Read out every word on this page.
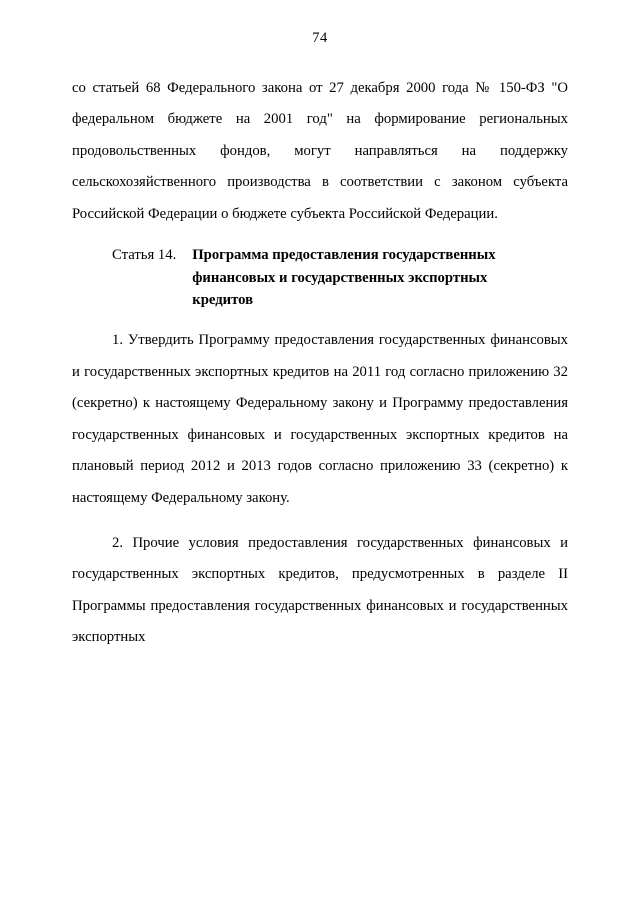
74

со статьей 68 Федерального закона от 27 декабря 2000 года № 150-ФЗ "О федеральном бюджете на 2001 год" на формирование региональных продовольственных фондов, могут направляться на поддержку сельскохозяйственного производства в соответствии с законом субъекта Российской Федерации о бюджете субъекта Российской Федерации.

Статья 14.	Программа предоставления государственных
финансовых и государственных экспортных
кредитов

1. Утвердить Программу предоставления государственных финансовых и государственных экспортных кредитов на 2011 год согласно приложению 32 (секретно) к настоящему Федеральному закону и Программу предоставления государственных финансовых и государственных экспортных кредитов на плановый период 2012 и 2013 годов согласно приложению 33 (секретно) к настоящему Федеральному закону.

2. Прочие условия предоставления государственных финансовых и государственных экспортных кредитов, предусмотренных в разделе II Программы предоставления государственных финансовых и государственных экспортных
